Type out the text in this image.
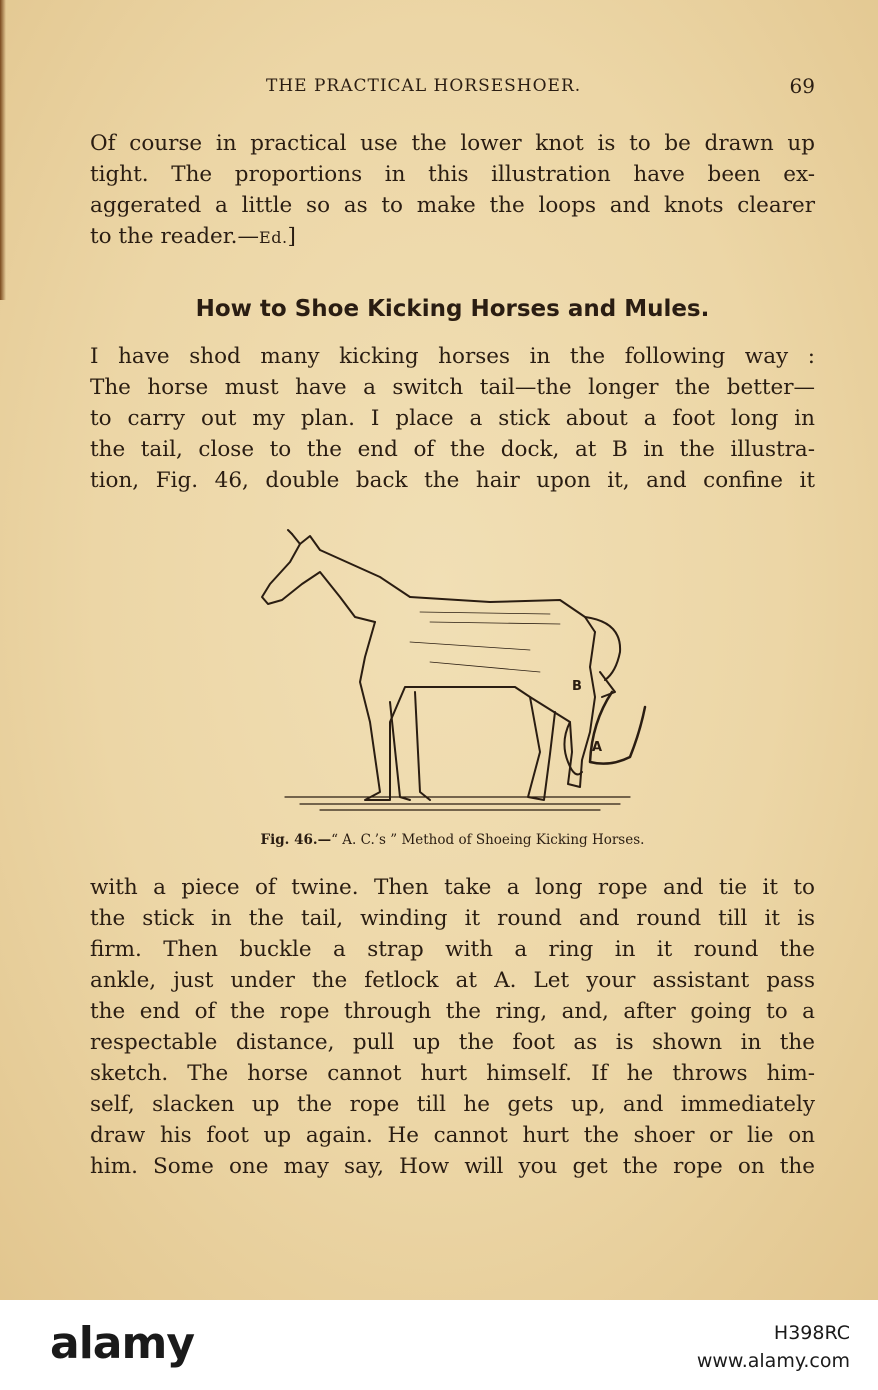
THE PRACTICAL HORSESHOER.	69

Of course in practical use the lower knot is to be drawn up

tight. The proportions in this illustration have been ex-

aggerated a little so as to make the loops and knots clearer

to the reader.—Ed.]

How to Shoe Kicking Horses and Mules.

I have shod many kicking horses in the following way :

The horse must have a switch tail—the longer the better—

to carry out my plan. I place a stick about a foot long in

the tail, close to the end of the dock, at B in the illustra-

tion, Fig. 46, double back the hair upon it, and confine it

B
A
Fig. 46.—“ A. C.’s ” Method of Shoeing Kicking Horses.

with a piece of twine. Then take a long rope and tie it to

the stick in the tail, winding it round and round till it is

firm. Then buckle a strap with a ring in it round the

ankle, just under the fetlock at A. Let your assistant pass

the end of the rope through the ring, and, after going to a

respectable distance, pull up the foot as is shown in the

sketch. The horse cannot hurt himself. If he throws him-

self, slacken up the rope till he gets up, and immediately

draw his foot up again. He cannot hurt the shoer or lie on

him. Some one may say, How will you get the rope on the

alamy	H398RC
www.alamy.com
